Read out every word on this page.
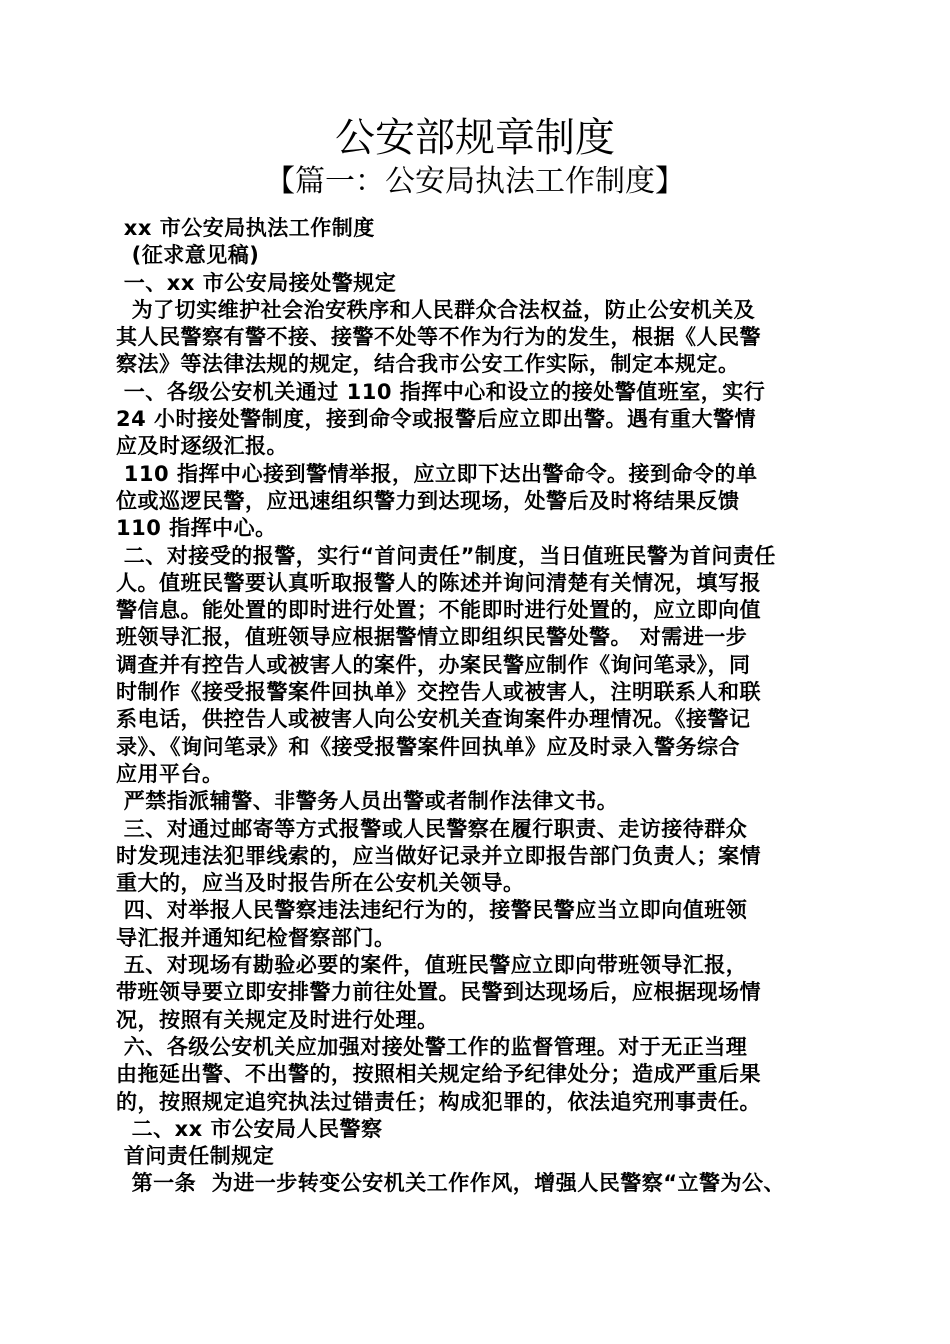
公安部规章制度
【篇一：公安局执法工作制度】

xx 市公安局执法工作制度

(征求意见稿)

一、xx 市公安局接处警规定

为了切实维护社会治安秩序和人民群众合法权益，防止公安机关及

其人民警察有警不接、接警不处等不作为行为的发生，根据《人民警

察法》等法律法规的规定，结合我市公安工作实际，制定本规定。

一、各级公安机关通过 110 指挥中心和设立的接处警值班室，实行

24 小时接处警制度，接到命令或报警后应立即出警。遇有重大警情

应及时逐级汇报。

110 指挥中心接到警情举报，应立即下达出警命令。接到命令的单

位或巡逻民警，应迅速组织警力到达现场，处警后及时将结果反馈

110 指挥中心。

二、对接受的报警，实行“首问责任”制度，当日值班民警为首问责任

人。值班民警要认真听取报警人的陈述并询问清楚有关情况，填写报

警信息。能处置的即时进行处置；不能即时进行处置的，应立即向值

班领导汇报，值班领导应根据警情立即组织民警处警。 对需进一步

调查并有控告人或被害人的案件，办案民警应制作《询问笔录》，同

时制作《接受报警案件回执单》交控告人或被害人，注明联系人和联

系电话，供控告人或被害人向公安机关查询案件办理情况。《接警记

录》、《询问笔录》和《接受报警案件回执单》应及时录入警务综合

应用平台。

严禁指派辅警、非警务人员出警或者制作法律文书。

三、对通过邮寄等方式报警或人民警察在履行职责、走访接待群众

时发现违法犯罪线索的，应当做好记录并立即报告部门负责人；案情

重大的，应当及时报告所在公安机关领导。

四、对举报人民警察违法违纪行为的，接警民警应当立即向值班领

导汇报并通知纪检督察部门。

五、对现场有勘验必要的案件，值班民警应立即向带班领导汇报，

带班领导要立即安排警力前往处置。民警到达现场后，应根据现场情

况，按照有关规定及时进行处理。

六、各级公安机关应加强对接处警工作的监督管理。对于无正当理

由拖延出警、不出警的，按照相关规定给予纪律处分；造成严重后果

的，按照规定追究执法过错责任；构成犯罪的，依法追究刑事责任。

二、xx 市公安局人民警察

首问责任制规定

第一条  为进一步转变公安机关工作作风，增强人民警察“立警为公、
